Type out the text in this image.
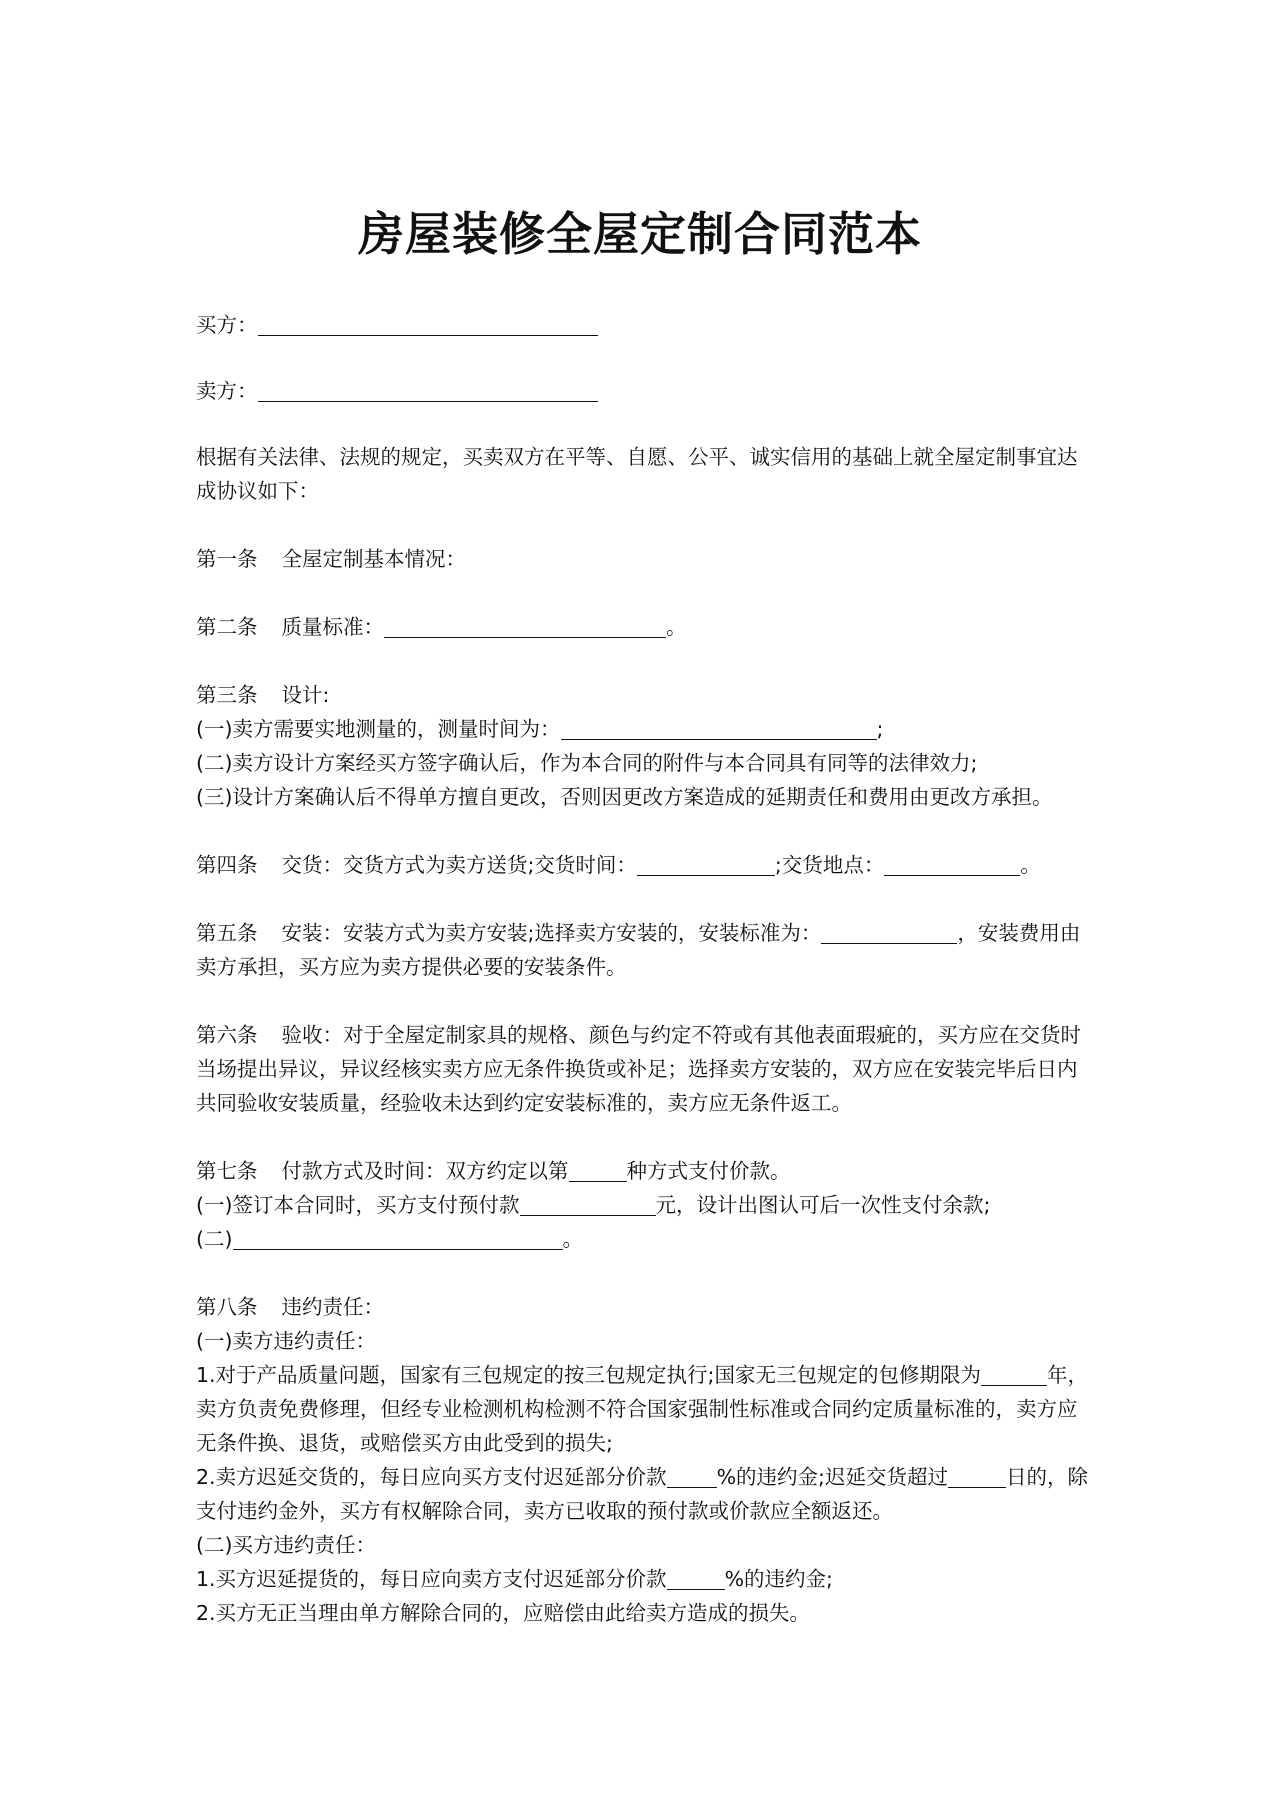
房屋装修全屋定制合同范本

买方：

卖方：

根据有关法律、法规的规定，买卖双方在平等、自愿、公平、诚实信用的基础上就全屋定制事宜达成协议如下：

第一条 全屋定制基本情况：

第二条 质量标准：	。

第三条 设计:

(一)卖方需要实地测量的，测量时间为：	;

(二)卖方设计方案经买方签字确认后，作为本合同的附件与本合同具有同等的法律效力;

(三)设计方案确认后不得单方擅自更改，否则因更改方案造成的延期责任和费用由更改方承担。

第四条 交货：交货方式为卖方送货;交货时间：	;交货地点：	。

第五条 安装：安装方式为卖方安装;选择卖方安装的，安装标准为：	，安装费用由卖方承担，买方应为卖方提供必要的安装条件。

第六条 验收：对于全屋定制家具的规格、颜色与约定不符或有其他表面瑕疵的，买方应在交货时当场提出异议，异议经核实卖方应无条件换货或补足；选择卖方安装的，双方应在安装完毕后日内共同验收安装质量，经验收未达到约定安装标准的，卖方应无条件返工。

第七条 付款方式及时间：双方约定以第	种方式支付价款。

(一)签订本合同时，买方支付预付款	元，设计出图认可后一次性支付余款;

(二)	。

第八条 违约责任：

(一)卖方违约责任：

1.对于产品质量问题，国家有三包规定的按三包规定执行;国家无三包规定的包修期限为	年，卖方负责免费修理，但经专业检测机构检测不符合国家强制性标准或合同约定质量标准的，卖方应无条件换、退货，或赔偿买方由此受到的损失;

2.卖方迟延交货的，每日应向买方支付迟延部分价款 %的违约金;迟延交货超过	日的，除支付违约金外，买方有权解除合同，卖方已收取的预付款或价款应全额返还。

(二)买方违约责任：

1.买方迟延提货的，每日应向卖方支付迟延部分价款	%的违约金;

2.买方无正当理由单方解除合同的，应赔偿由此给卖方造成的损失。
